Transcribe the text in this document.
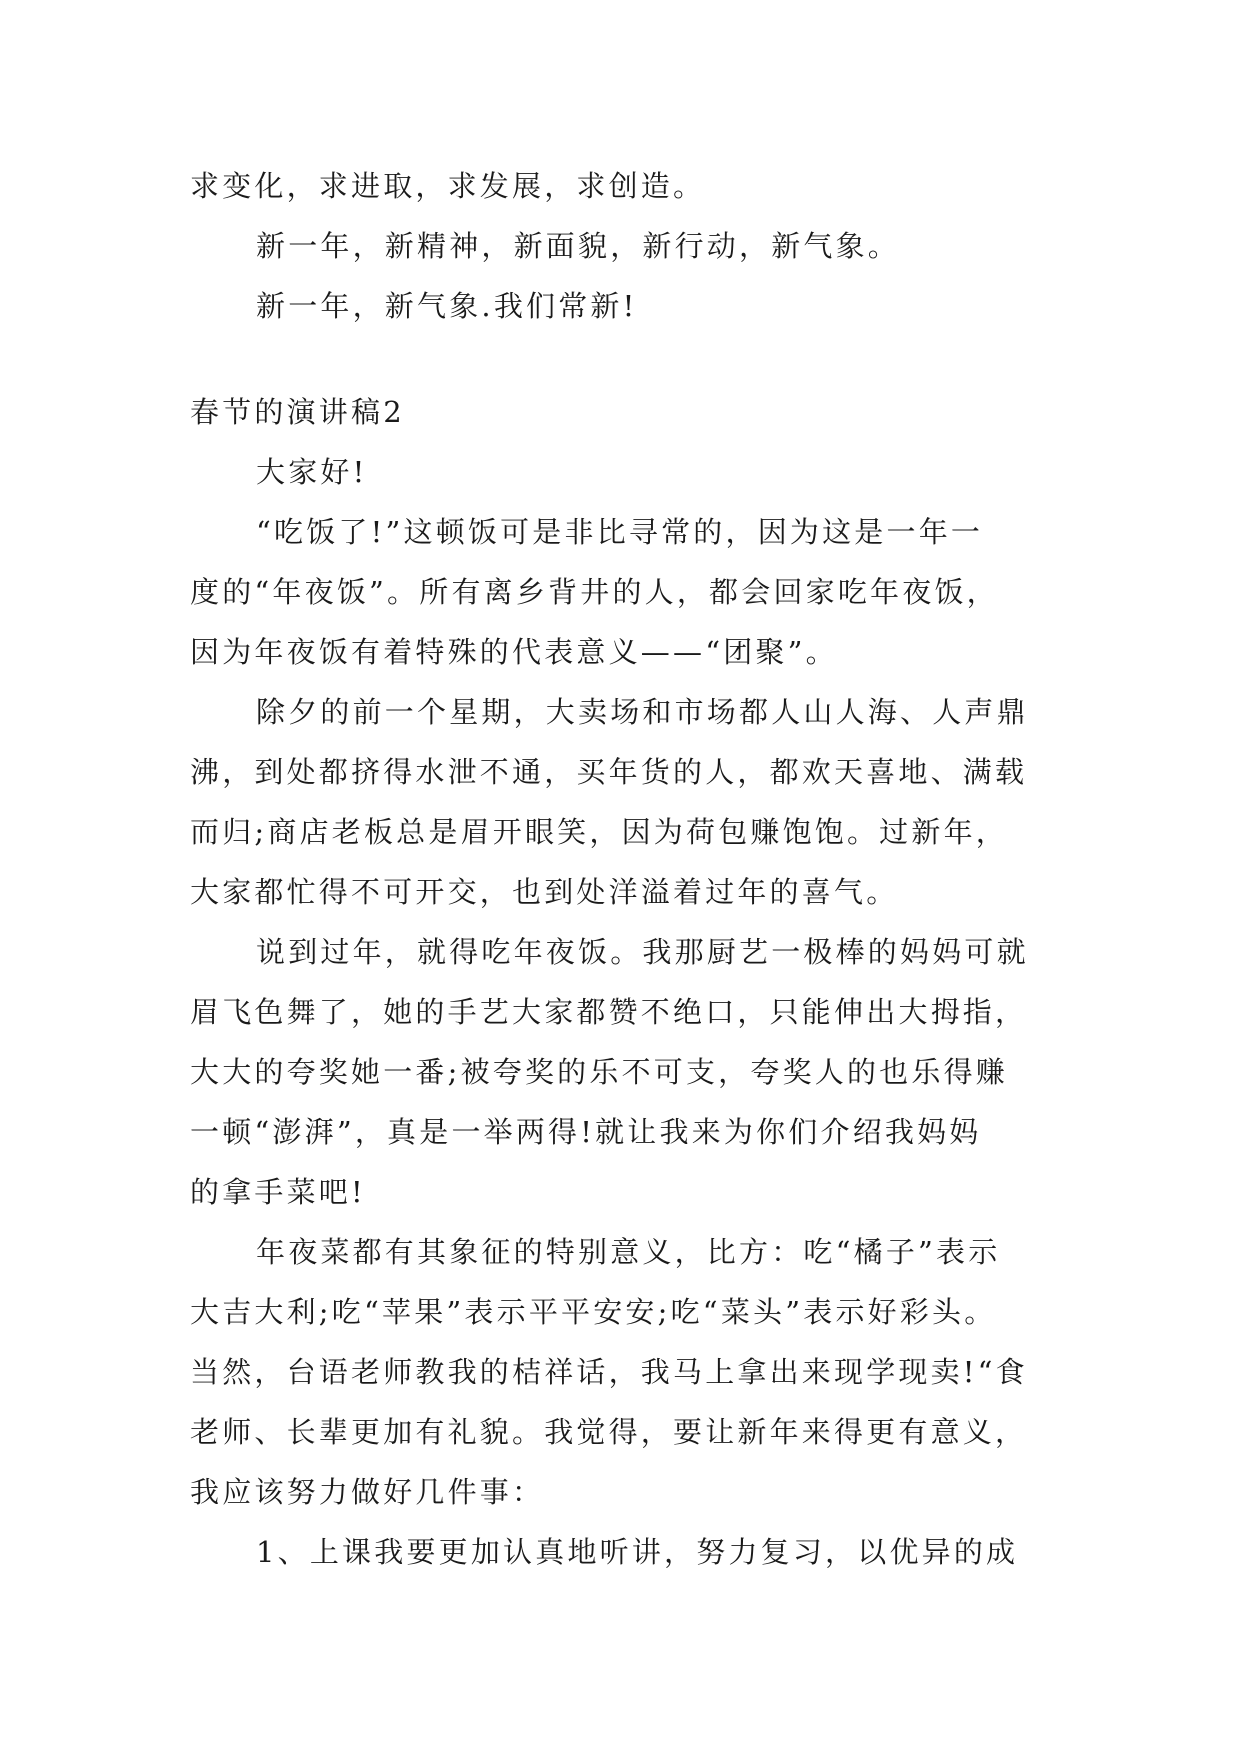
求变化，求进取，求发展，求创造。
新一年，新精神，新面貌，新行动，新气象。
新一年，新气象.我们常新!
春节的演讲稿2
大家好!
“吃饭了!”这顿饭可是非比寻常的，因为这是一年一
度的“年夜饭”。所有离乡背井的人，都会回家吃年夜饭，
因为年夜饭有着特殊的代表意义——“团聚”。
除夕的前一个星期，大卖场和市场都人山人海、人声鼎
沸，到处都挤得水泄不通，买年货的人，都欢天喜地、满载
而归;商店老板总是眉开眼笑，因为荷包赚饱饱。过新年，
大家都忙得不可开交，也到处洋溢着过年的喜气。
说到过年，就得吃年夜饭。我那厨艺一极棒的妈妈可就
眉飞色舞了，她的手艺大家都赞不绝口，只能伸出大拇指，
大大的夸奖她一番;被夸奖的乐不可支，夸奖人的也乐得赚
一顿“澎湃”，真是一举两得!就让我来为你们介绍我妈妈
的拿手菜吧!
年夜菜都有其象征的特别意义，比方：吃“橘子”表示
大吉大利;吃“苹果”表示平平安安;吃“菜头”表示好彩头。
当然，台语老师教我的桔祥话，我马上拿出来现学现卖!“食
老师、长辈更加有礼貌。我觉得，要让新年来得更有意义，
我应该努力做好几件事：
1、上课我要更加认真地听讲，努力复习，以优异的成
